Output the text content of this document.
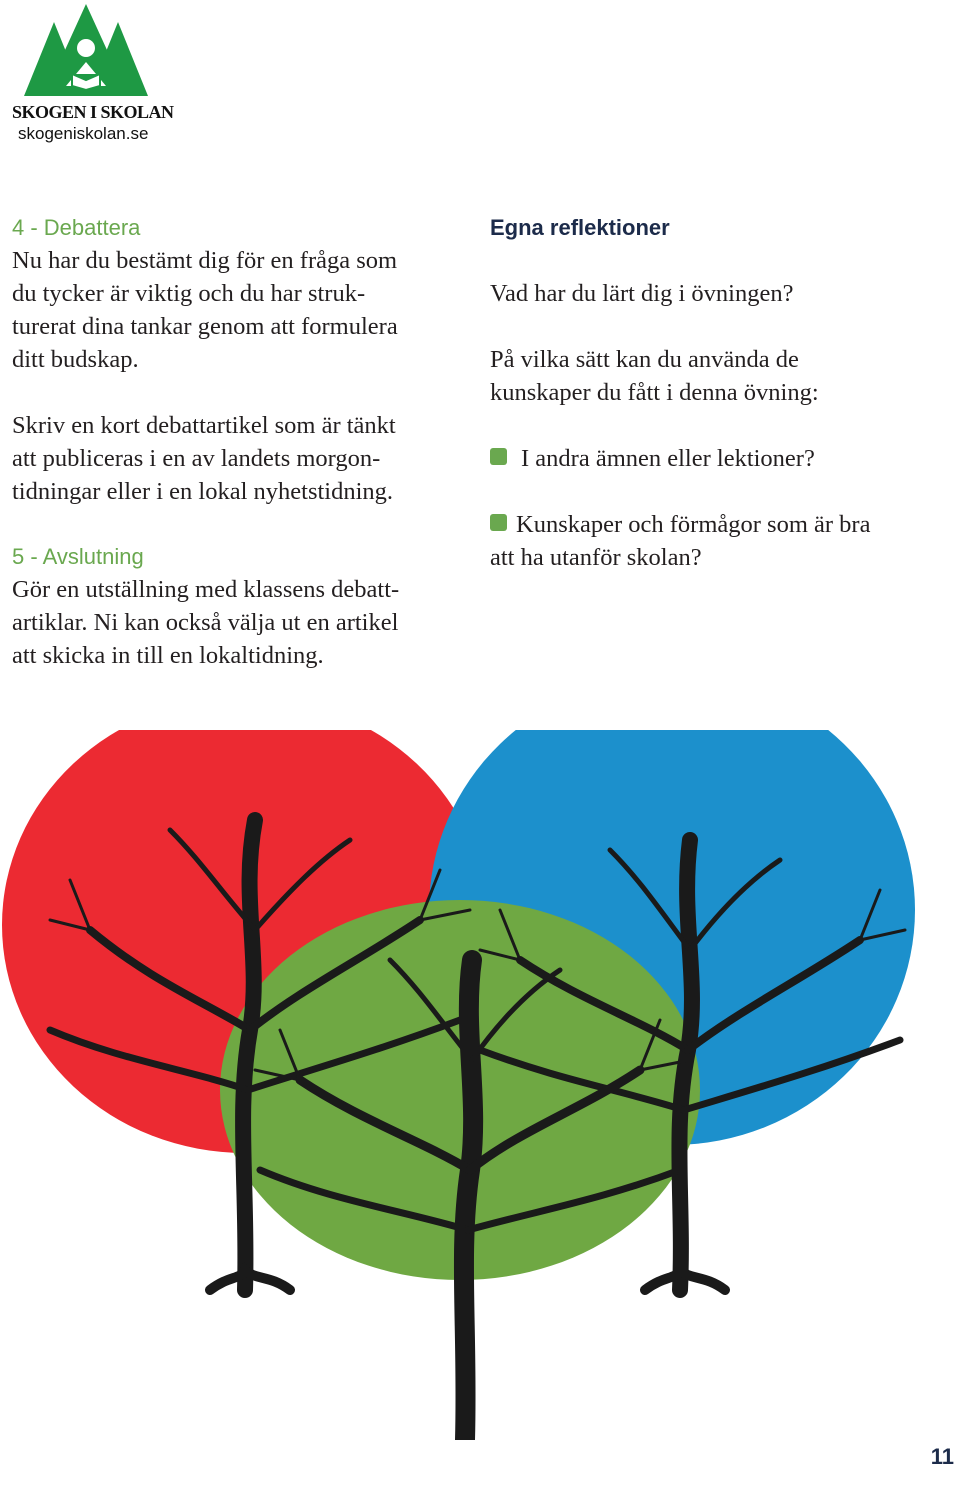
SKOGEN I SKOLAN
skogeniskolan.se

4 - Debattera

Nu har du bestämt dig för en fråga som

du tycker är viktig och du har struk-

turerat dina tankar genom att formulera

ditt budskap.

Skriv en kort debattartikel som är tänkt

att publiceras i en av landets morgon-

tidningar eller i en lokal nyhetstidning.

5 - Avslutning

Gör en utställning med klassens debatt-

artiklar. Ni kan också välja ut en artikel

att skicka in till en lokaltidning.

Egna reflektioner

Vad har du lärt dig i övningen?

På vilka sätt kan du använda de

kunskaper du fått i denna övning:

I andra ämnen eller lektioner?

Kunskaper och förmågor som är bra

att ha utanför skolan?

11
